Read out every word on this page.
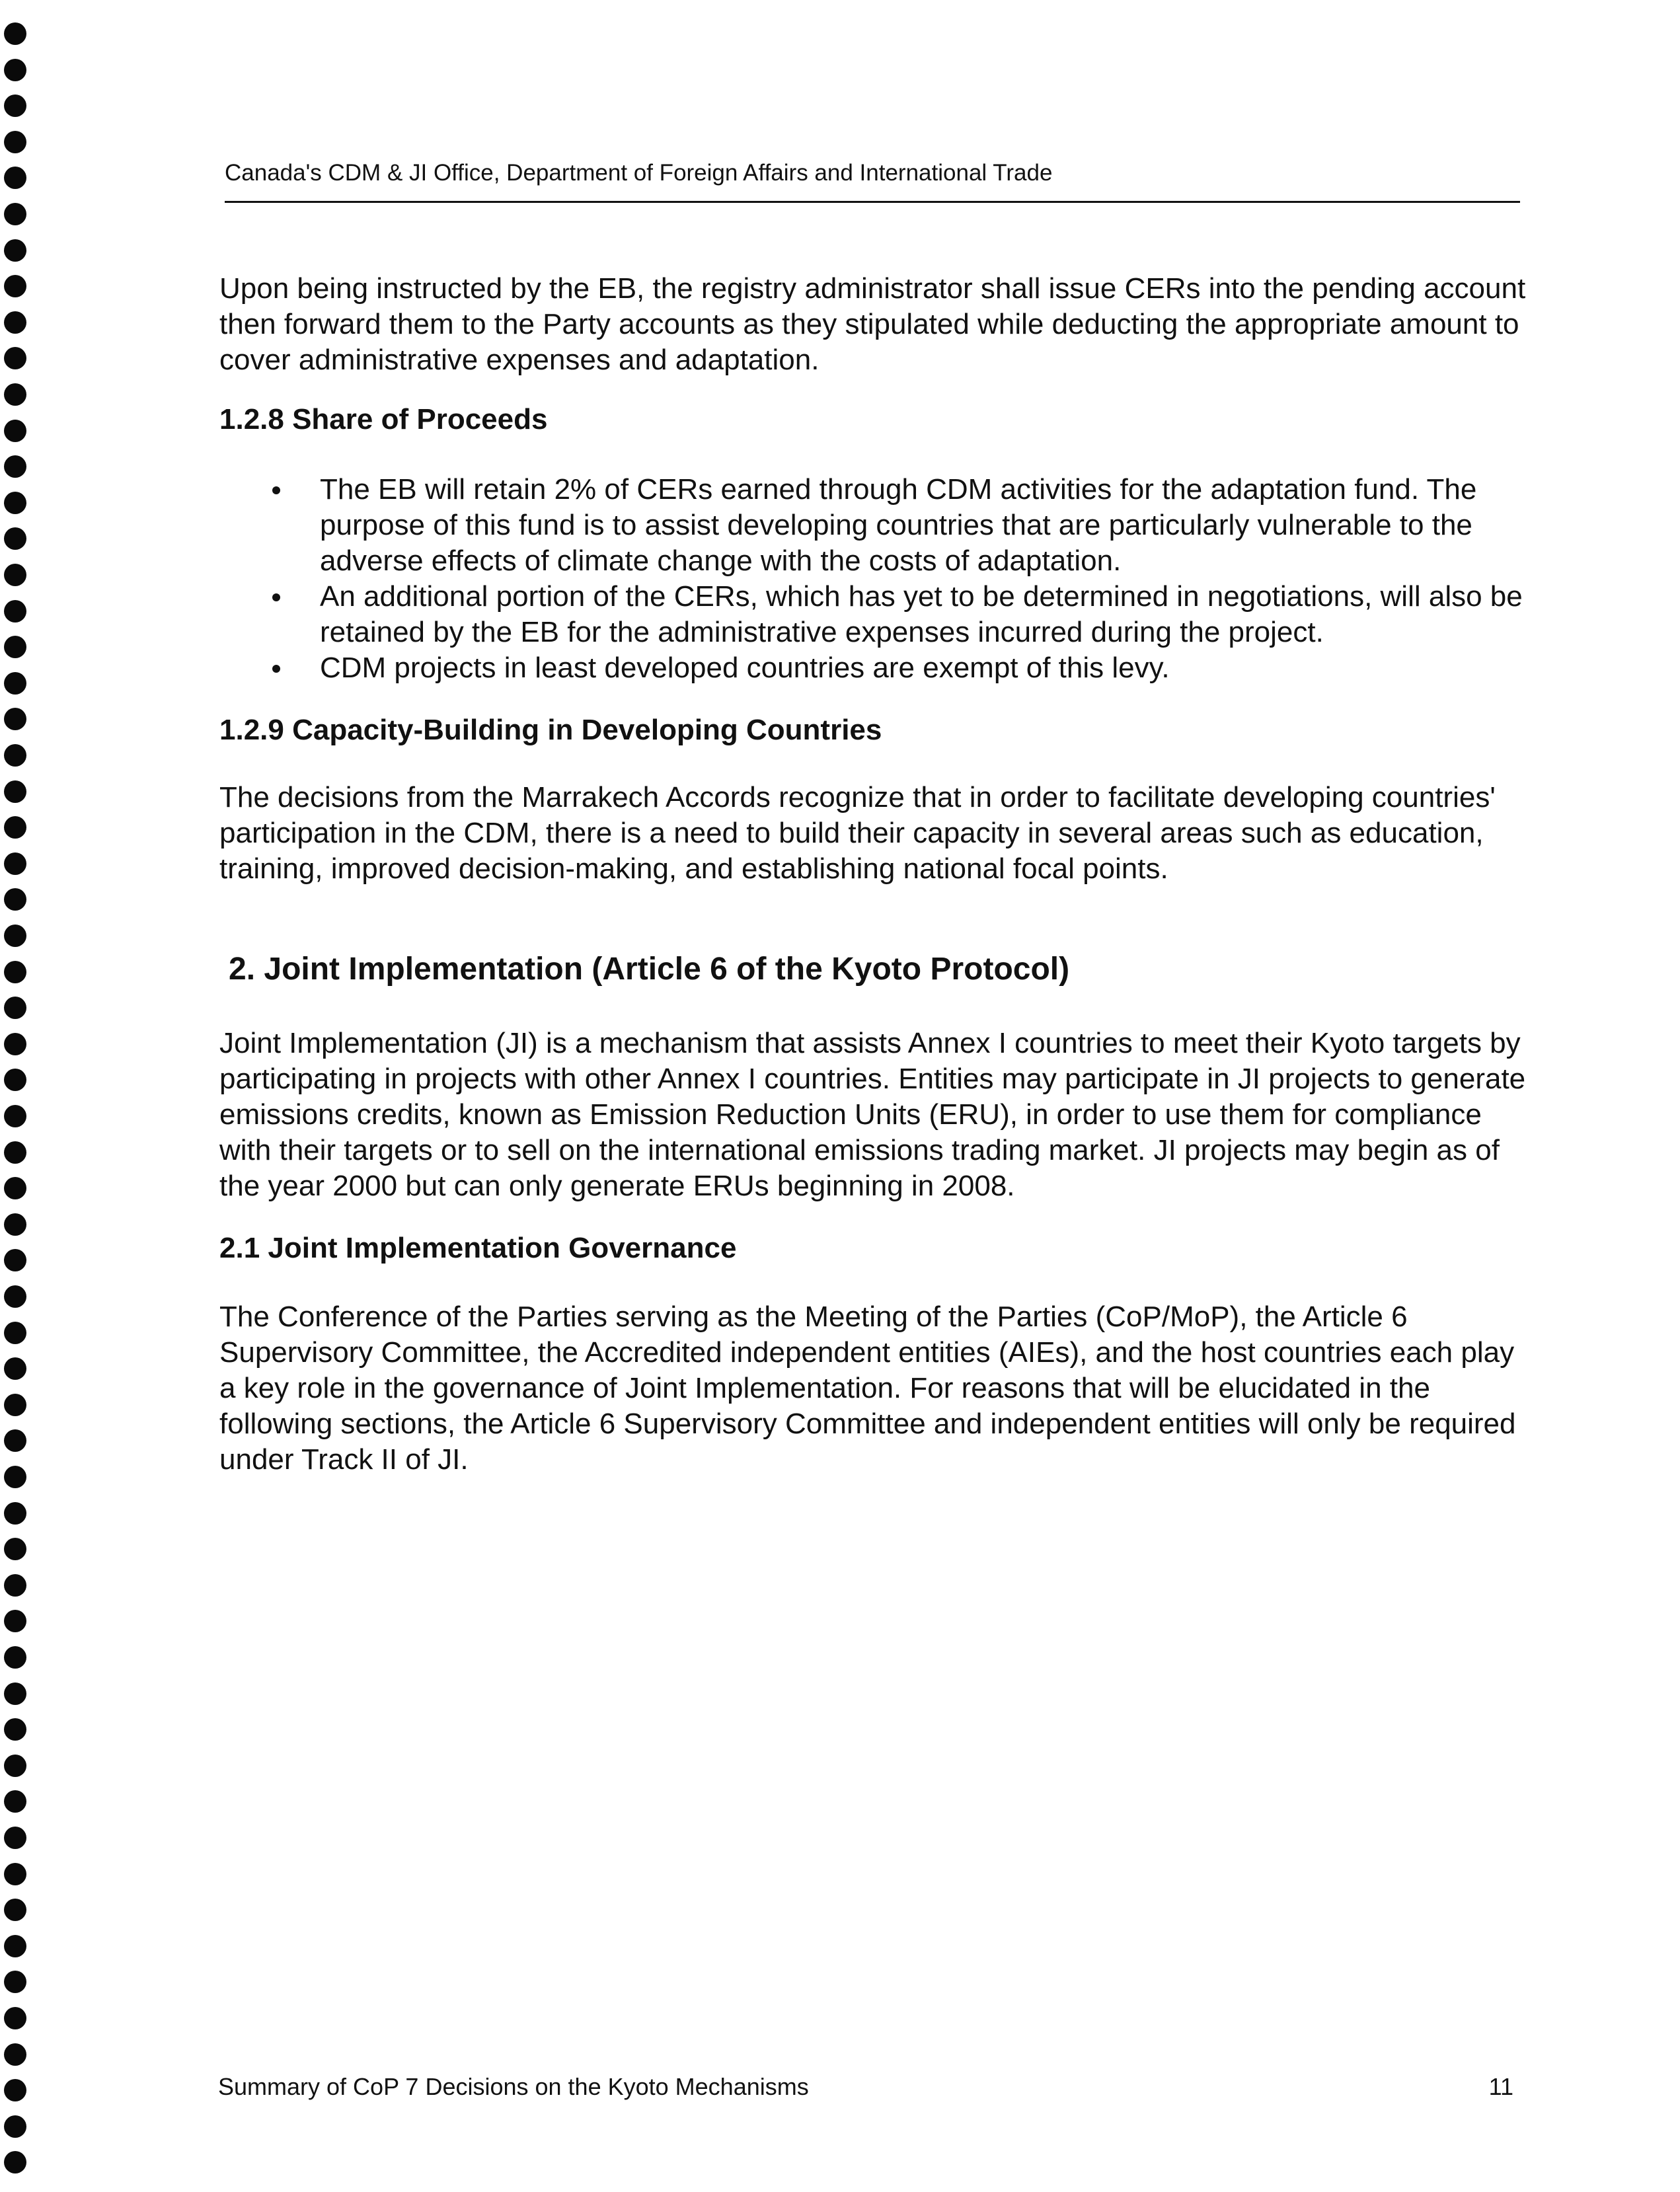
Canada's CDM & JI Office, Department of Foreign Affairs and International Trade

Upon being instructed by the EB, the registry administrator shall issue CERs into the pending account then forward them to the Party accounts as they stipulated while deducting the appropriate amount to cover administrative expenses and adaptation.

1.2.8 Share of Proceeds
The EB will retain 2% of CERs earned through CDM activities for the adaptation fund. The purpose of this fund is to assist developing countries that are particularly vulnerable to the adverse effects of climate change with the costs of adaptation.
An additional portion of the CERs, which has yet to be determined in negotiations, will also be retained by the EB for the administrative expenses incurred during the project.
CDM projects in least developed countries are exempt of this levy.
1.2.9 Capacity-Building in Developing Countries

The decisions from the Marrakech Accords recognize that in order to facilitate developing countries' participation in the CDM, there is a need to build their capacity in several areas such as education, training, improved decision-making, and establishing national focal points.

2. Joint Implementation (Article 6 of the Kyoto Protocol)

Joint Implementation (JI) is a mechanism that assists Annex I countries to meet their Kyoto targets by participating in projects with other Annex I countries. Entities may participate in JI projects to generate emissions credits, known as Emission Reduction Units (ERU), in order to use them for compliance with their targets or to sell on the international emissions trading market. JI projects may begin as of the year 2000 but can only generate ERUs beginning in 2008.

2.1 Joint Implementation Governance

The Conference of the Parties serving as the Meeting of the Parties (CoP/MoP), the Article 6 Supervisory Committee, the Accredited independent entities (AIEs), and the host countries each play a key role in the governance of Joint Implementation. For reasons that will be elucidated in the following sections, the Article 6 Supervisory Committee and independent entities will only be required under Track II of JI.

Summary of CoP 7 Decisions on the Kyoto Mechanisms	11
